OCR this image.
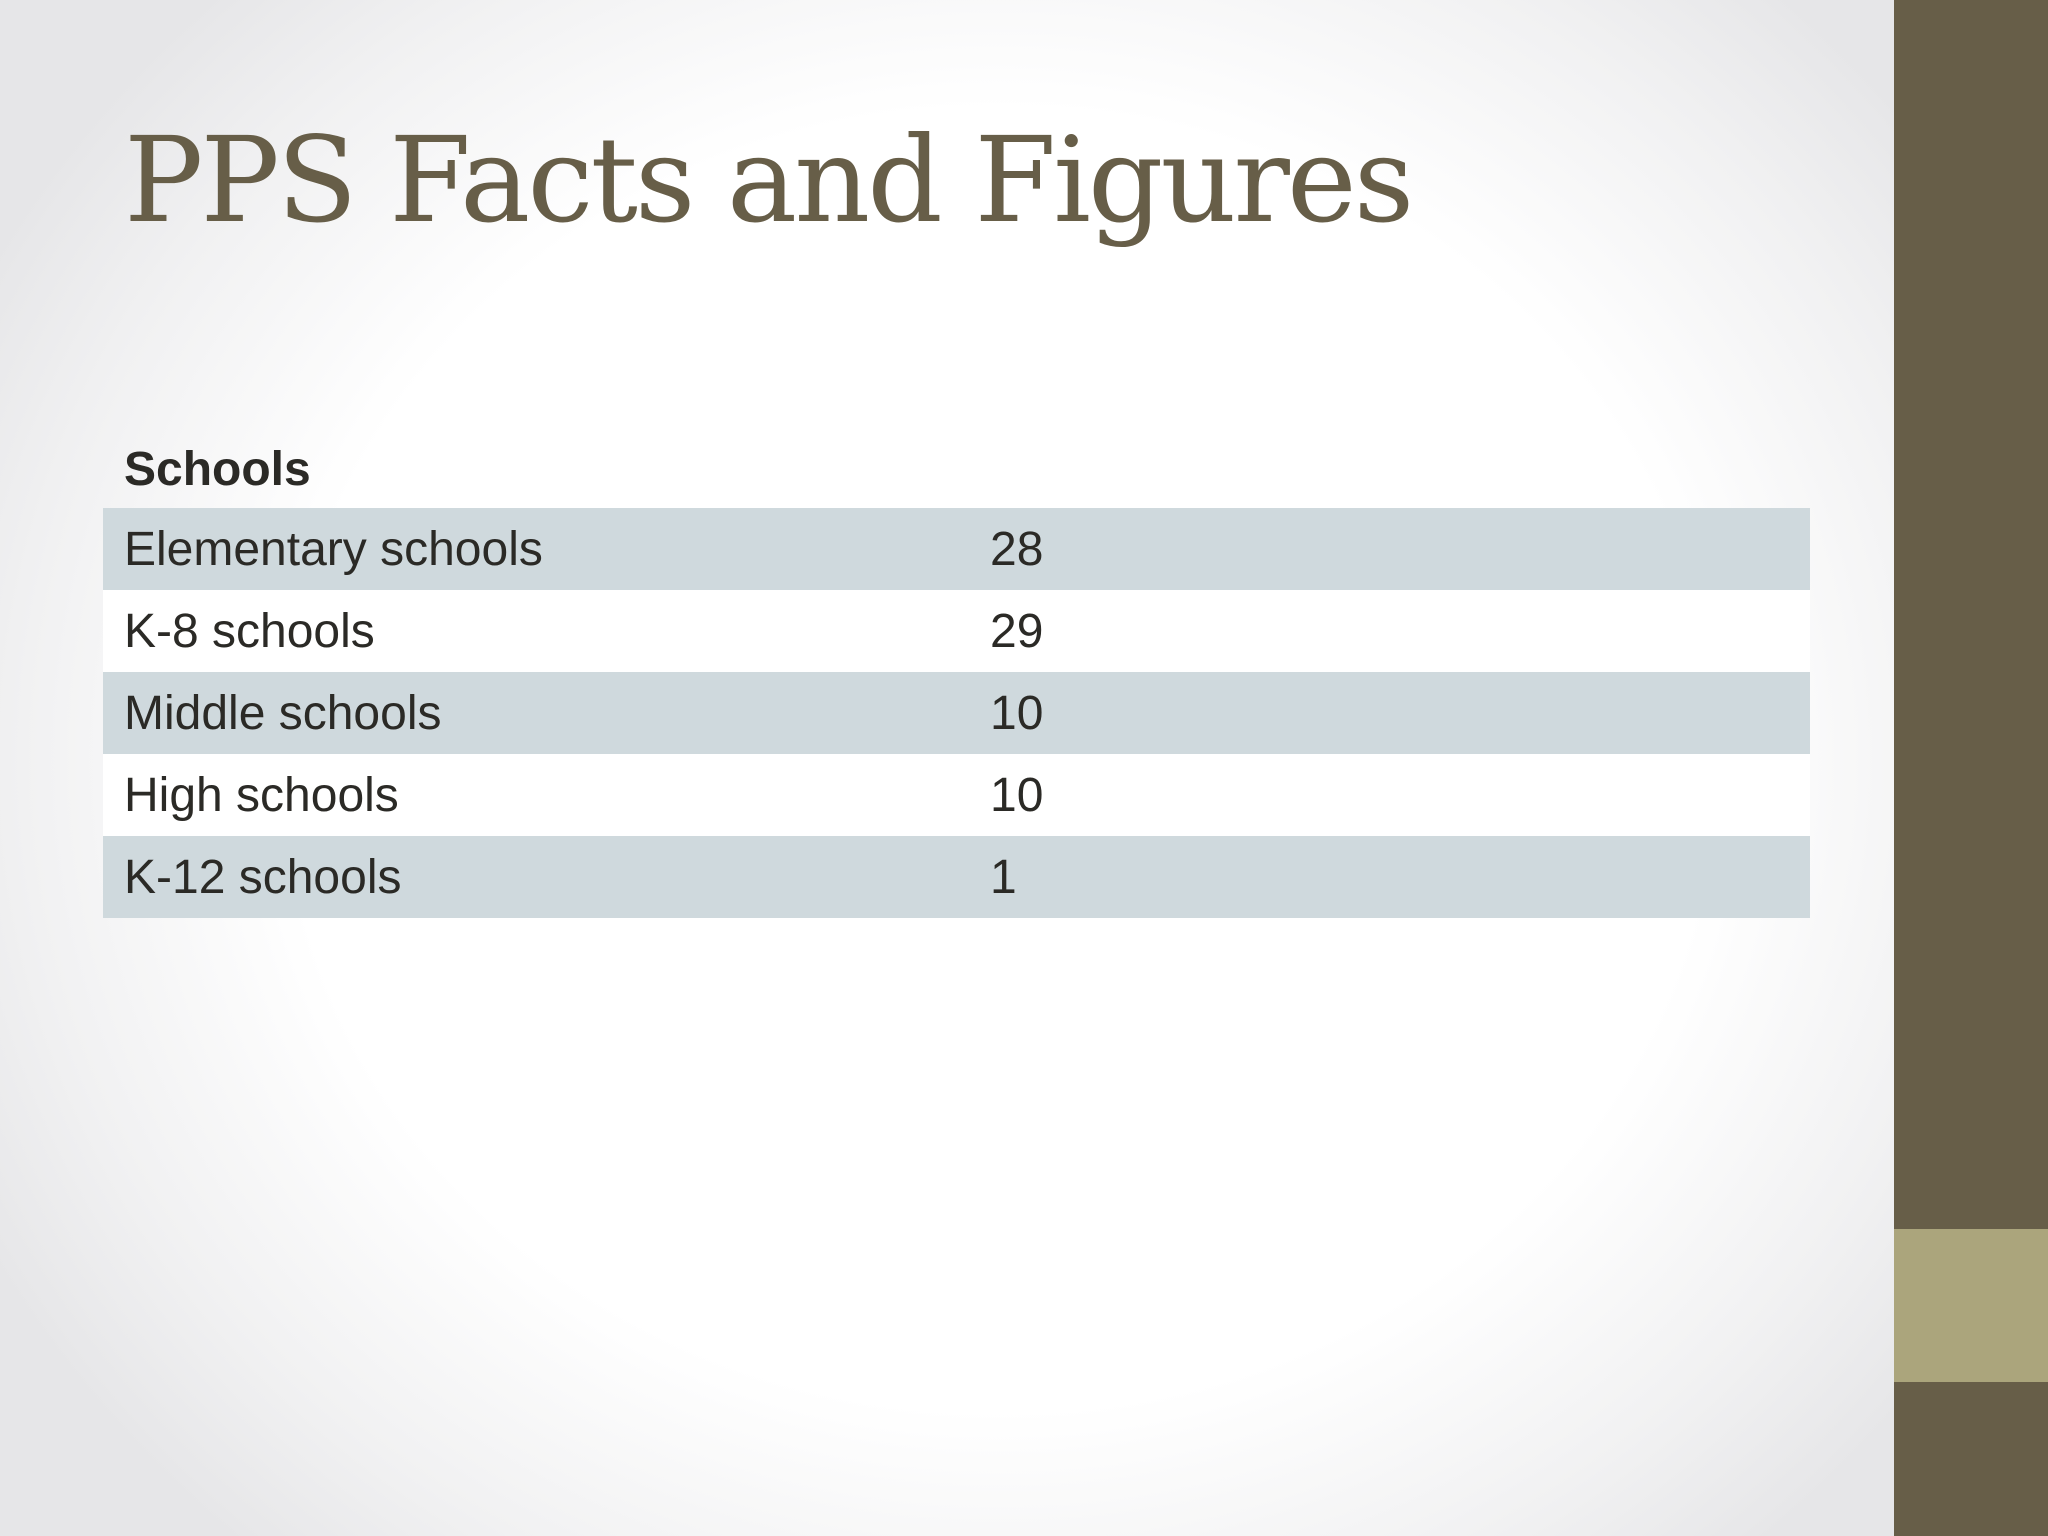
PPS Facts and Figures
Schools	
Elementary schools	28
K-8 schools	29
Middle schools	10
High schools	10
K-12 schools	1
